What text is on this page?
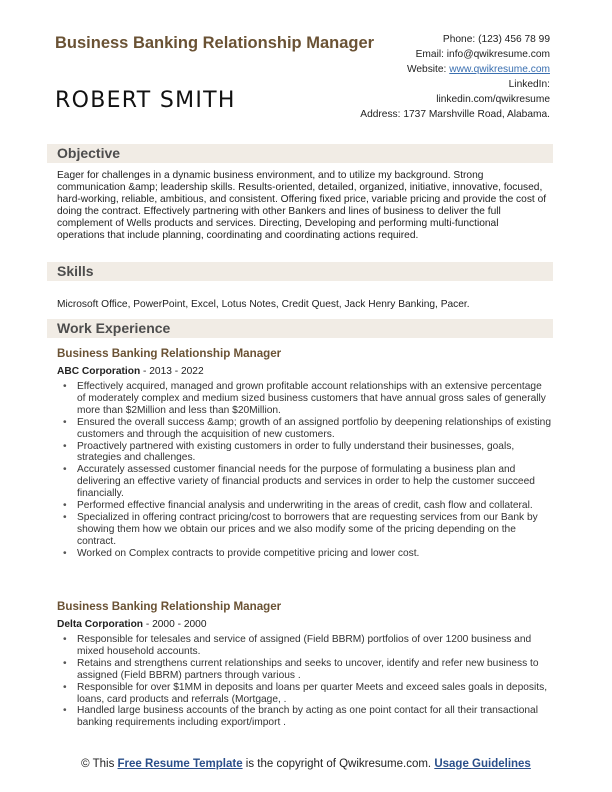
Business Banking Relationship Manager
ROBERT SMITH
Phone: (123) 456 78 99
Email: info@qwikresume.com
Website: www.qwikresume.com
LinkedIn:
linkedin.com/qwikresume
Address: 1737 Marshville Road, Alabama.
Objective
Eager for challenges in a dynamic business environment, and to utilize my background. Strong communication &amp; leadership skills. Results-oriented, detailed, organized, initiative, innovative, focused, hard-working, reliable, ambitious, and consistent. Offering fixed price, variable pricing and provide the cost of doing the contract. Effectively partnering with other Bankers and lines of business to deliver the full complement of Wells products and services. Directing, Developing and performing multi-functional operations that include planning, coordinating and coordinating actions required.
Skills
Microsoft Office, PowerPoint, Excel, Lotus Notes, Credit Quest, Jack Henry Banking, Pacer.
Work Experience
Business Banking Relationship Manager
ABC Corporation - 2013 - 2022
• Effectively acquired, managed and grown profitable account relationships with an extensive percentage of moderately complex and medium sized business customers that have annual gross sales of generally more than $2Million and less than $20Million.
• Ensured the overall success &amp; growth of an assigned portfolio by deepening relationships of existing customers and through the acquisition of new customers.
• Proactively partnered with existing customers in order to fully understand their businesses, goals, strategies and challenges.
• Accurately assessed customer financial needs for the purpose of formulating a business plan and delivering an effective variety of financial products and services in order to help the customer succeed financially.
• Performed effective financial analysis and underwriting in the areas of credit, cash flow and collateral.
• Specialized in offering contract pricing/cost to borrowers that are requesting services from our Bank by showing them how we obtain our prices and we also modify some of the pricing depending on the contract.
• Worked on Complex contracts to provide competitive pricing and lower cost.
Business Banking Relationship Manager
Delta Corporation - 2000 - 2000
• Responsible for telesales and service of assigned (Field BBRM) portfolios of over 1200 business and mixed household accounts.
• Retains and strengthens current relationships and seeks to uncover, identify and refer new business to assigned (Field BBRM) partners through various .
• Responsible for over $1MM in deposits and loans per quarter Meets and exceed sales goals in deposits, loans, card products and referrals (Mortgage, .
• Handled large business accounts of the branch by acting as one point contact for all their transactional banking requirements including export/import .
© This Free Resume Template is the copyright of Qwikresume.com. Usage Guidelines
